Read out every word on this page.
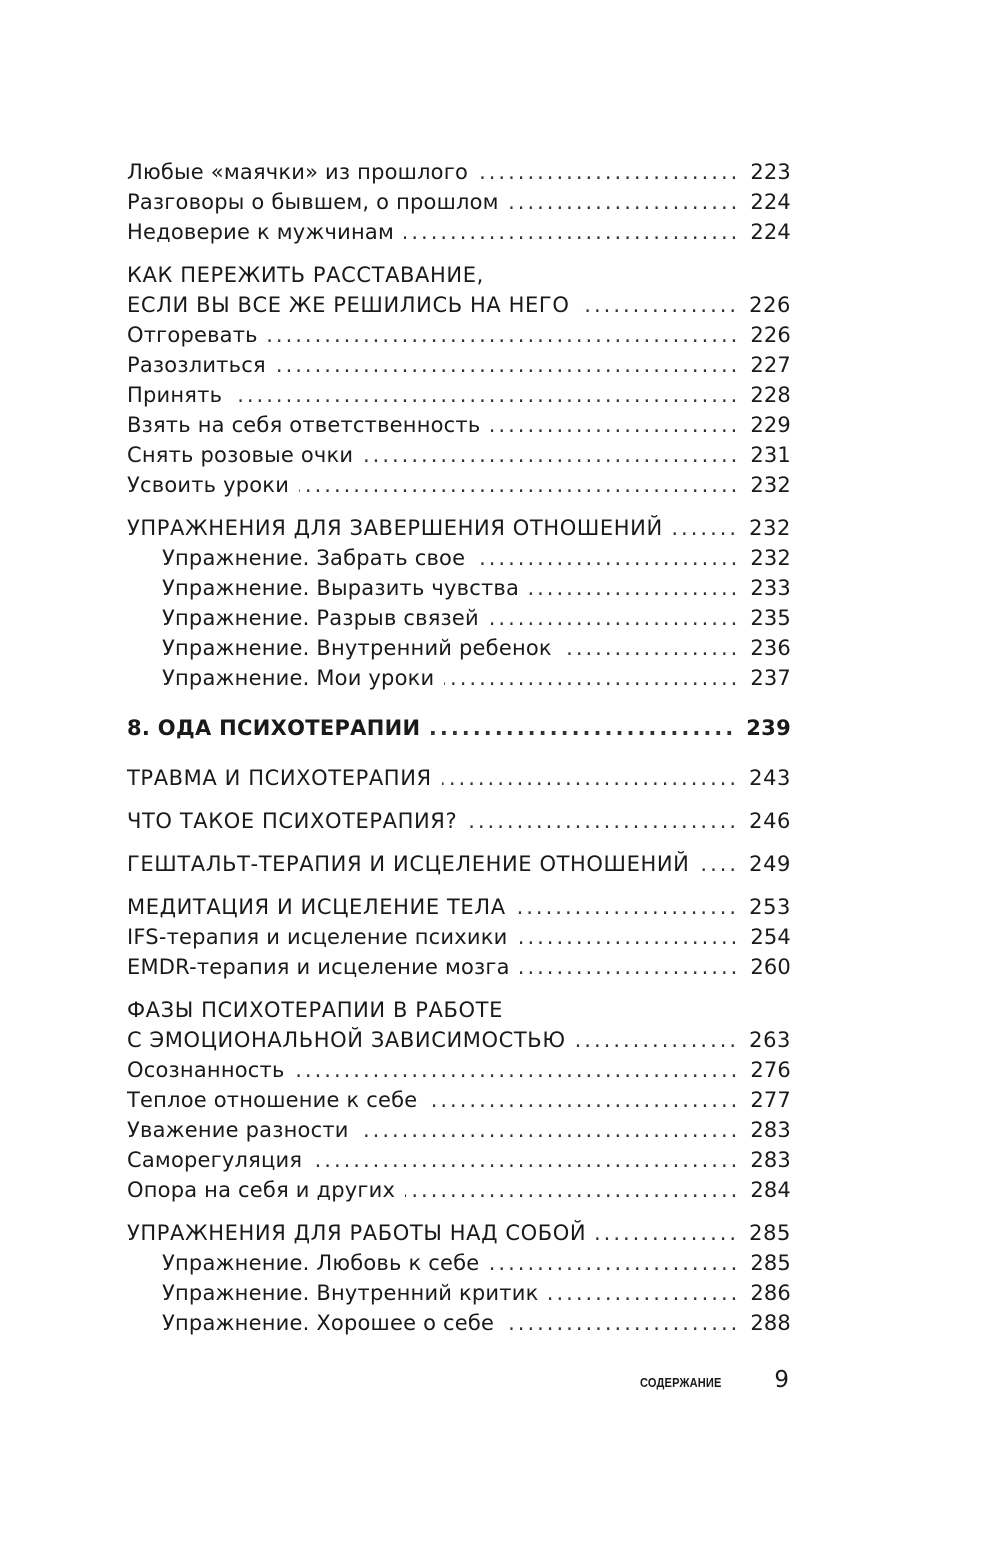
Любые «маячки» из прошлого .....	223
Разговоры о бывшем, о прошлом .....	224
Недоверие к мужчинам .....	224
КАК ПЕРЕЖИТЬ РАССТАВАНИЕ,
ЕСЛИ ВЫ ВСЕ ЖЕ РЕШИЛИСЬ НА НЕГО .....	226
Отгоревать .....	226
Разозлиться .....	227
Принять .....	228
Взять на себя ответственность .....	229
Снять розовые очки .....	231
Усвоить уроки .....	232
УПРАЖНЕНИЯ ДЛЯ ЗАВЕРШЕНИЯ ОТНОШЕНИЙ .....	232
Упражнение. Забрать свое .....	232
Упражнение. Выразить чувства .....	233
Упражнение. Разрыв связей .....	235
Упражнение. Внутренний ребенок .....	236
Упражнение. Мои уроки .....	237
8. ОДА ПСИХОТЕРАПИИ .....	239
ТРАВМА И ПСИХОТЕРАПИЯ .....	243
ЧТО ТАКОЕ ПСИХОТЕРАПИЯ? .....	246
ГЕШТАЛЬТ-ТЕРАПИЯ И ИСЦЕЛЕНИЕ ОТНОШЕНИЙ .....	249
МЕДИТАЦИЯ И ИСЦЕЛЕНИЕ ТЕЛА .....	253
IFS-терапия и исцеление психики .....	254
EMDR-терапия и исцеление мозга .....	260
ФАЗЫ ПСИХОТЕРАПИИ В РАБОТЕ
С ЭМОЦИОНАЛЬНОЙ ЗАВИСИМОСТЬЮ .....	263
Осознанность .....	276
Теплое отношение к себе .....	277
Уважение разности .....	283
Саморегуляция .....	283
Опора на себя и других .....	284
УПРАЖНЕНИЯ ДЛЯ РАБОТЫ НАД СОБОЙ .....	285
Упражнение. Любовь к себе .....	285
Упражнение. Внутренний критик .....	286
Упражнение. Хорошее о себе .....	288
СОДЕРЖАНИЕ 9
